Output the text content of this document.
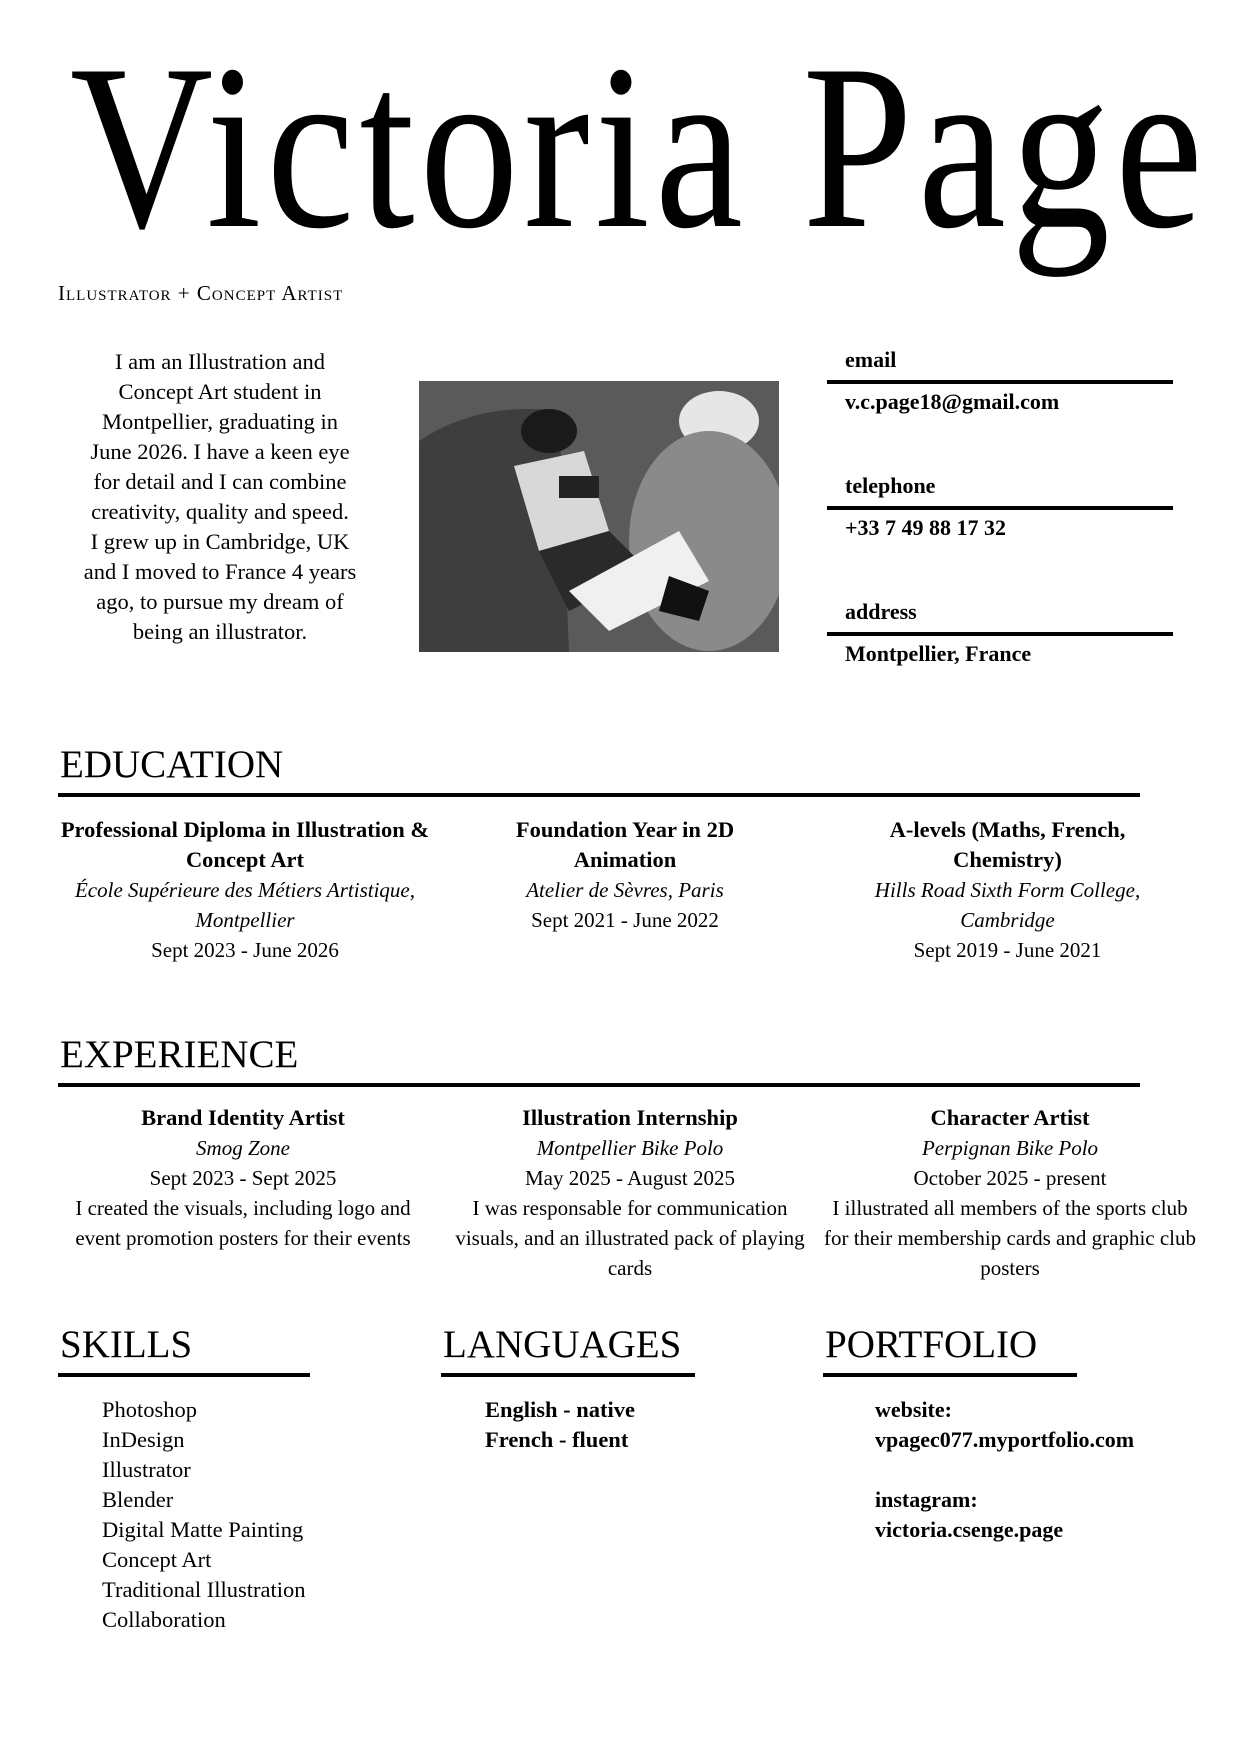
Victoria Page
Illustrator + Concept Artist
I am an Illustration and
Concept Art student in
Montpellier, graduating in
June 2026. I have a keen eye
for detail and I can combine
creativity, quality and speed.
I grew up in Cambridge, UK
and I moved to France 4 years
ago, to pursue my dream of
being an illustrator.
email
v.c.page18@gmail.com
telephone
+33 7 49 88 17 32
address
Montpellier, France
EDUCATION
Professional Diploma in Illustration & Concept Art
École Supérieure des Métiers Artistique, Montpellier
Sept 2023 - June 2026
Foundation Year in 2D Animation
Atelier de Sèvres, Paris
Sept 2021 - June 2022
A-levels (Maths, French, Chemistry)
Hills Road Sixth Form College, Cambridge
Sept 2019 - June 2021
EXPERIENCE
Brand Identity Artist
Smog Zone
Sept 2023 - Sept 2025
I created the visuals, including logo and event promotion posters for their events
Illustration Internship
Montpellier Bike Polo
May 2025 - August 2025
I was responsable for communication visuals, and an illustrated pack of playing cards
Character Artist
Perpignan Bike Polo
October 2025 - present
I illustrated all members of the sports club for their membership cards and graphic club posters
SKILLS
Photoshop
InDesign
Illustrator
Blender
Digital Matte Painting
Concept Art
Traditional Illustration
Collaboration
LANGUAGES
English - native
French - fluent
PORTFOLIO
website:
vpagec077.myportfolio.com
instagram:
victoria.csenge.page
